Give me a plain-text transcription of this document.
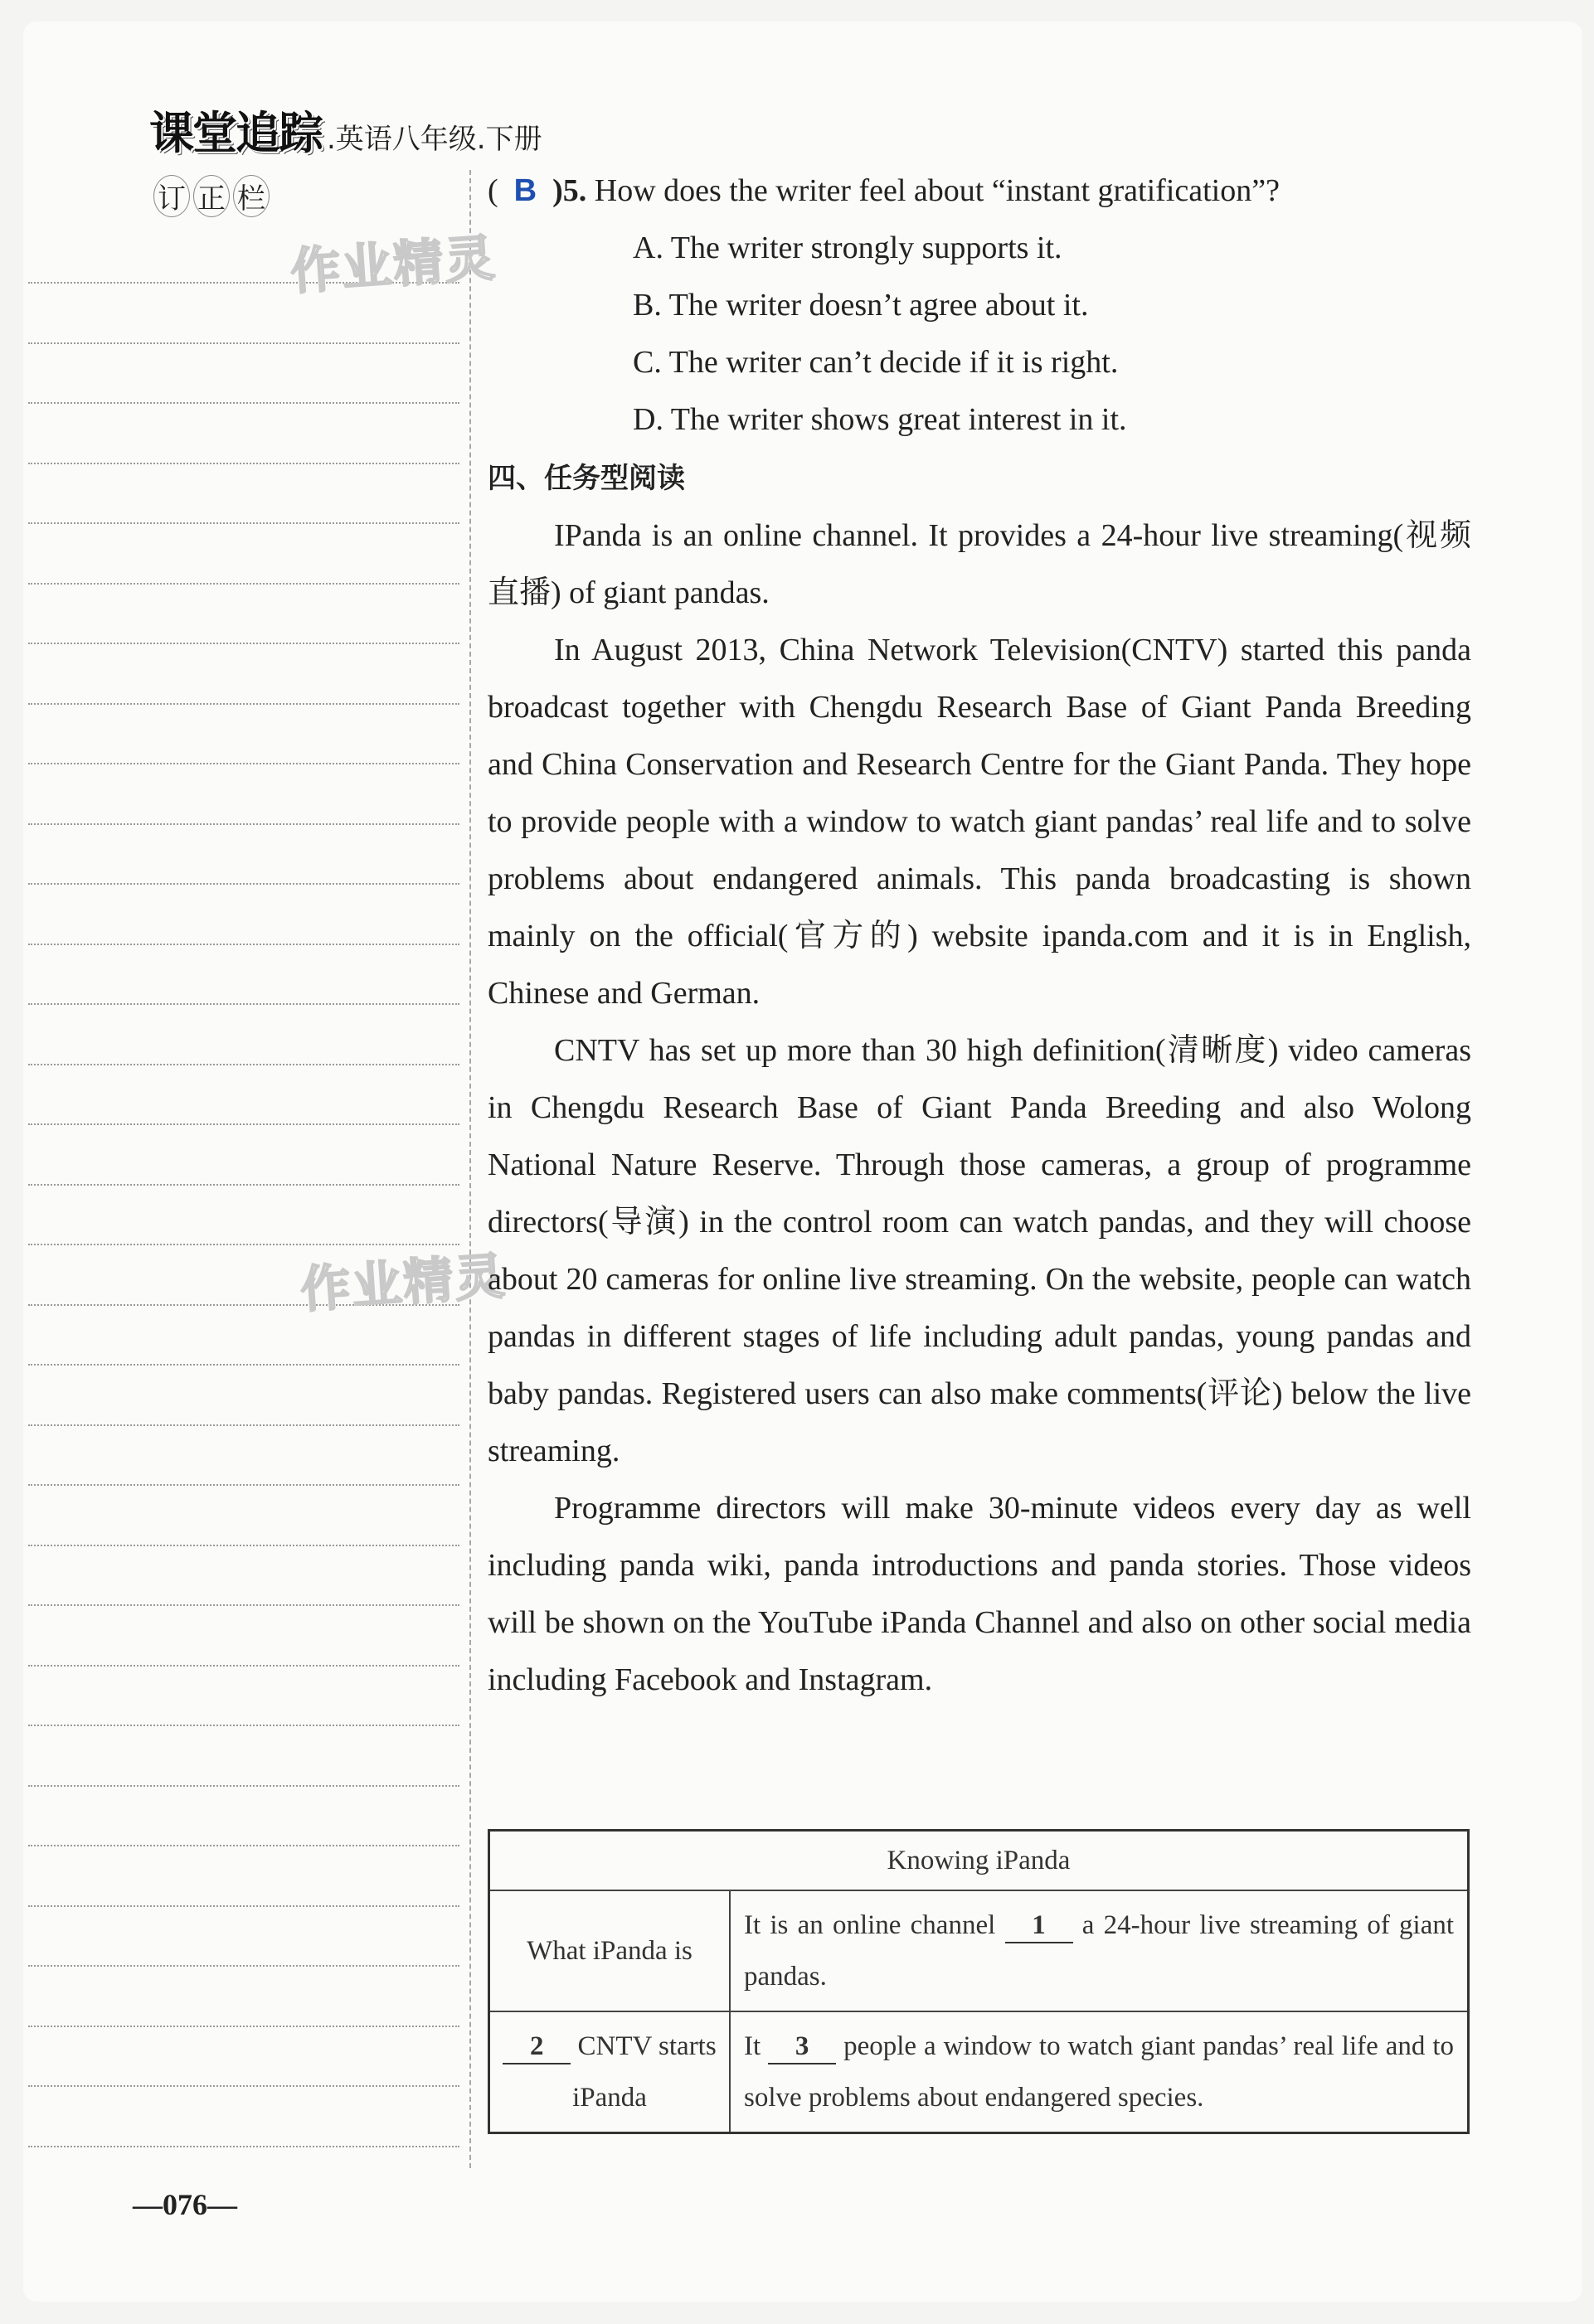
课堂追踪 .英语八年级.下册
订 正 栏
作业精灵
作业精灵
( B )5. How does the writer feel about “instant gratification”?
A. The writer strongly supports it.
B. The writer doesn’t agree about it.
C. The writer can’t decide if it is right.
D. The writer shows great interest in it.
四、任务型阅读

IPanda is an online channel. It provides a 24-hour live streaming(视频直播) of giant pandas.

In August 2013, China Network Television(CNTV) started this panda broadcast together with Chengdu Research Base of Giant Panda Breeding and China Conservation and Research Centre for the Giant Panda. They hope to provide people with a window to watch giant pandas’ real life and to solve problems about endangered animals. This panda broadcasting is shown mainly on the official(官方的) website ipanda.com and it is in English, Chinese and German.

CNTV has set up more than 30 high definition(清晰度) video cameras in Chengdu Research Base of Giant Panda Breeding and also Wolong National Nature Reserve. Through those cameras, a group of programme directors(导演) in the control room can watch pandas, and they will choose about 20 cameras for online live streaming. On the website, people can watch pandas in different stages of life including adult pandas, young pandas and baby pandas. Registered users can also make comments(评论) below the live streaming.

Programme directors will make 30-minute videos every day as well including panda wiki, panda introductions and panda stories. Those videos will be shown on the YouTube iPanda Channel and also on other social media including Facebook and Instagram.

Knowing iPanda	
What iPanda is	It is an online channel 1 a 24-hour live streaming of giant pandas.
2 CNTV starts iPanda	It 3 people a window to watch giant pandas’ real life and to solve problems about endangered species.
—076—
